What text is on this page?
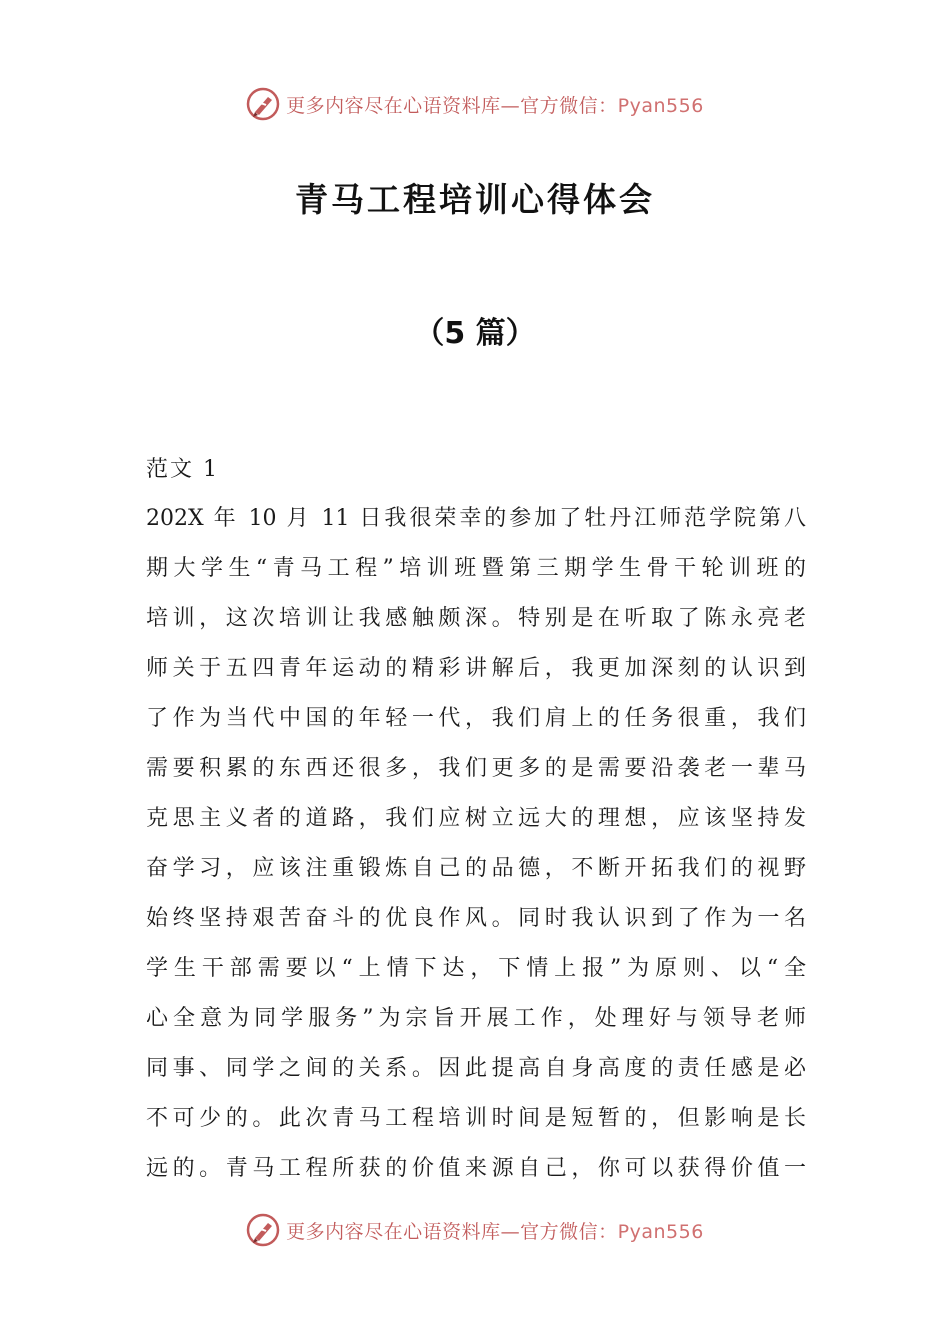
更多内容尽在心语资料库—官方微信：Pyan556
青马工程培训心得体会
（5 篇）
范文 1
202X 年 10 月 11 日我很荣幸的参加了牡丹江师范学院第八
期大学生“青马工程”培训班暨第三期学生骨干轮训班的
培训，这次培训让我感触颇深。特别是在听取了陈永亮老
师关于五四青年运动的精彩讲解后，我更加深刻的认识到
了作为当代中国的年轻一代，我们肩上的任务很重，我们
需要积累的东西还很多，我们更多的是需要沿袭老一辈马
克思主义者的道路，我们应树立远大的理想，应该坚持发
奋学习，应该注重锻炼自己的品德，不断开拓我们的视野
始终坚持艰苦奋斗的优良作风。同时我认识到了作为一名
学生干部需要以“上情下达，下情上报”为原则、以“全
心全意为同学服务”为宗旨开展工作，处理好与领导老师
同事、同学之间的关系。因此提高自身高度的责任感是必
不可少的。此次青马工程培训时间是短暂的，但影响是长
远的。青马工程所获的价值来源自己，你可以获得价值一
更多内容尽在心语资料库—官方微信：Pyan556
